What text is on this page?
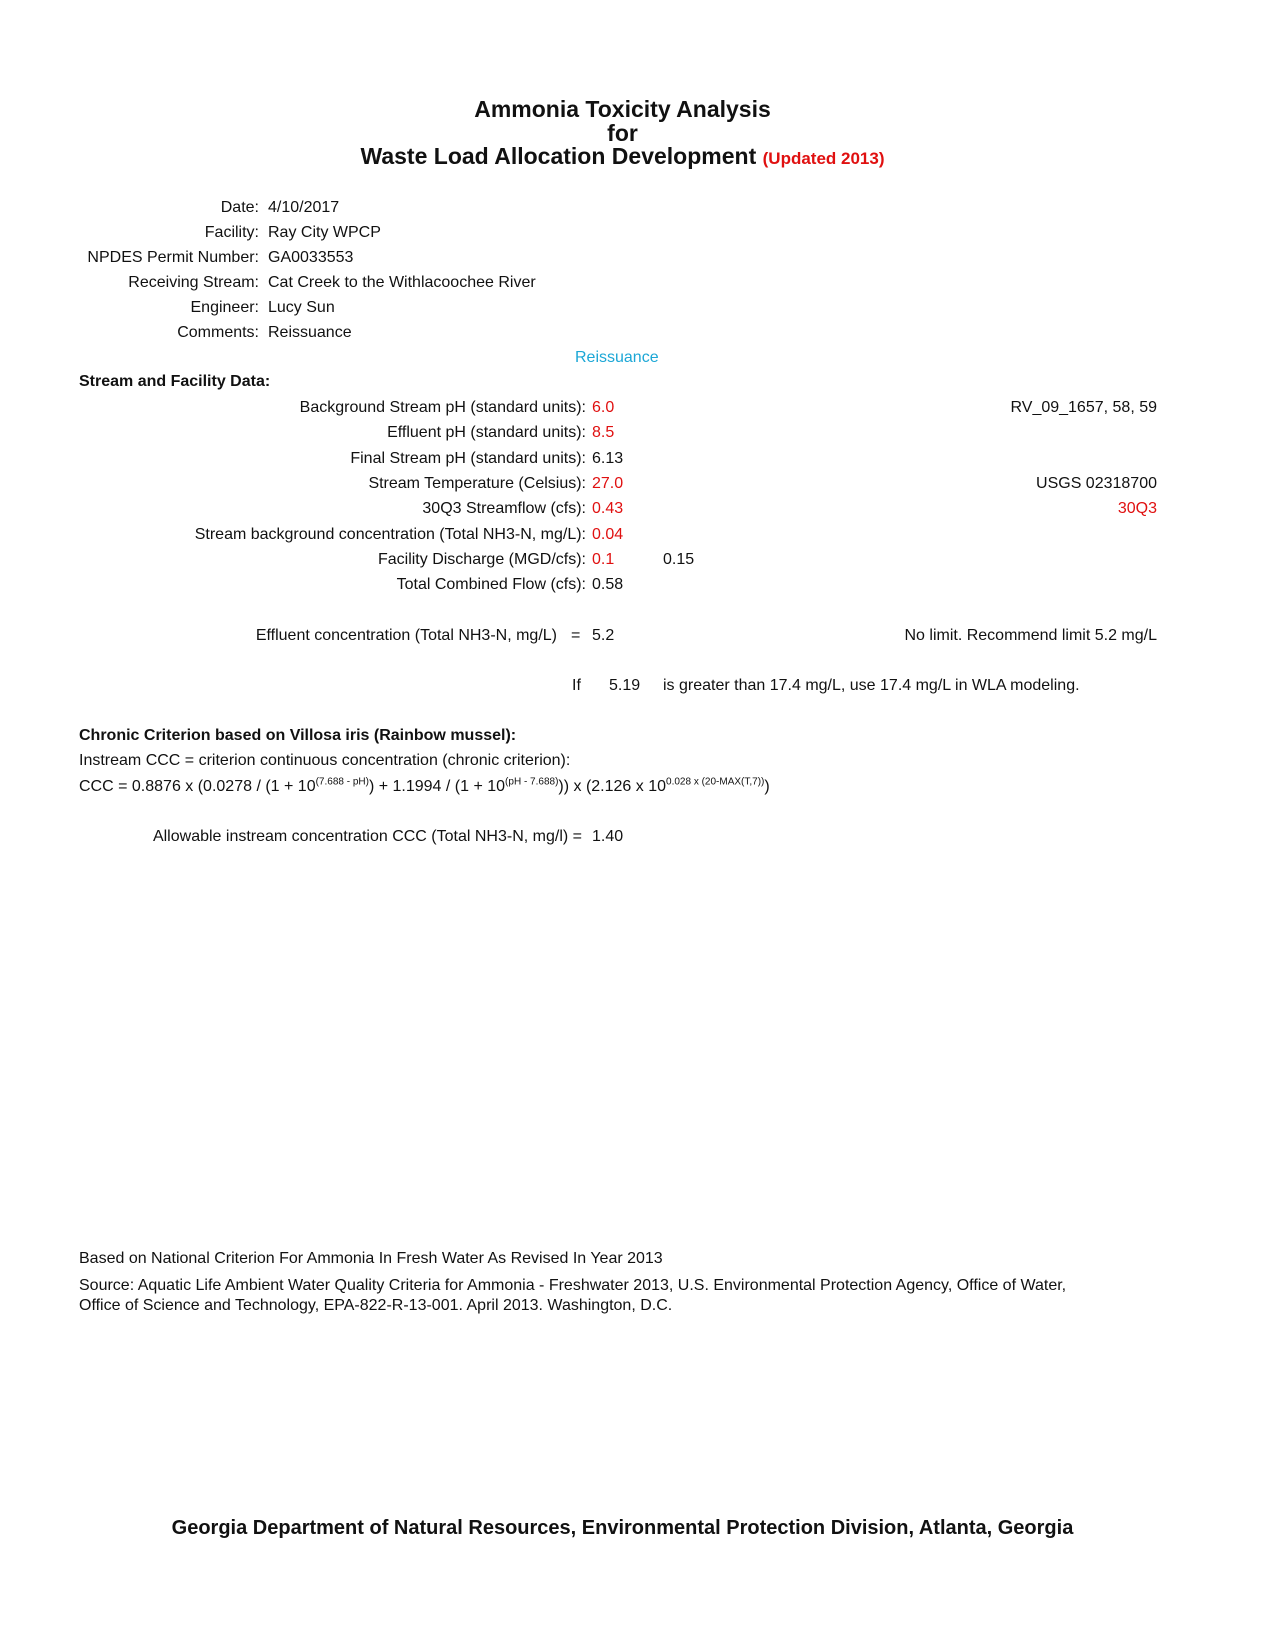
Ammonia Toxicity Analysis
for
Waste Load Allocation Development (Updated 2013)
Date: 4/10/2017
Facility: Ray City WPCP
NPDES Permit Number: GA0033553
Receiving Stream: Cat Creek to the Withlacoochee River
Engineer: Lucy Sun
Comments: Reissuance
Reissuance
Stream and Facility Data:
Background Stream pH (standard units): 6.0	RV_09_1657, 58, 59
Effluent pH (standard units): 8.5
Final Stream pH (standard units): 6.13
Stream Temperature (Celsius): 27.0	USGS 02318700
30Q3 Streamflow (cfs): 0.43	30Q3
Stream background concentration (Total NH3-N, mg/L): 0.04
Facility Discharge (MGD/cfs): 0.1	0.15
Total Combined Flow (cfs): 0.58
Effluent concentration (Total NH3-N, mg/L) = 5.2	No limit. Recommend limit 5.2 mg/L
If 5.19 is greater than 17.4 mg/L, use 17.4 mg/L in WLA modeling.
Chronic Criterion based on Villosa iris (Rainbow mussel):
Instream CCC = criterion continuous concentration (chronic criterion):
CCC = 0.8876 x $(0.0278 / (1 + 10^{(7.688 - pH)}) + 1.1994 / (1 + 10^{(pH - 7.688)}))$ x (2.126 x $10^{0.028 x (20-MAX(T,7))}$)
Allowable instream concentration CCC (Total NH3-N, mg/l) = 1.40
Based on National Criterion For Ammonia In Fresh Water As Revised In Year 2013
Source: Aquatic Life Ambient Water Quality Criteria for Ammonia - Freshwater 2013, U.S. Environmental Protection Agency, Office of Water,
Office of Science and Technology, EPA-822-R-13-001. April 2013. Washington, D.C.
Georgia Department of Natural Resources, Environmental Protection Division, Atlanta, Georgia
